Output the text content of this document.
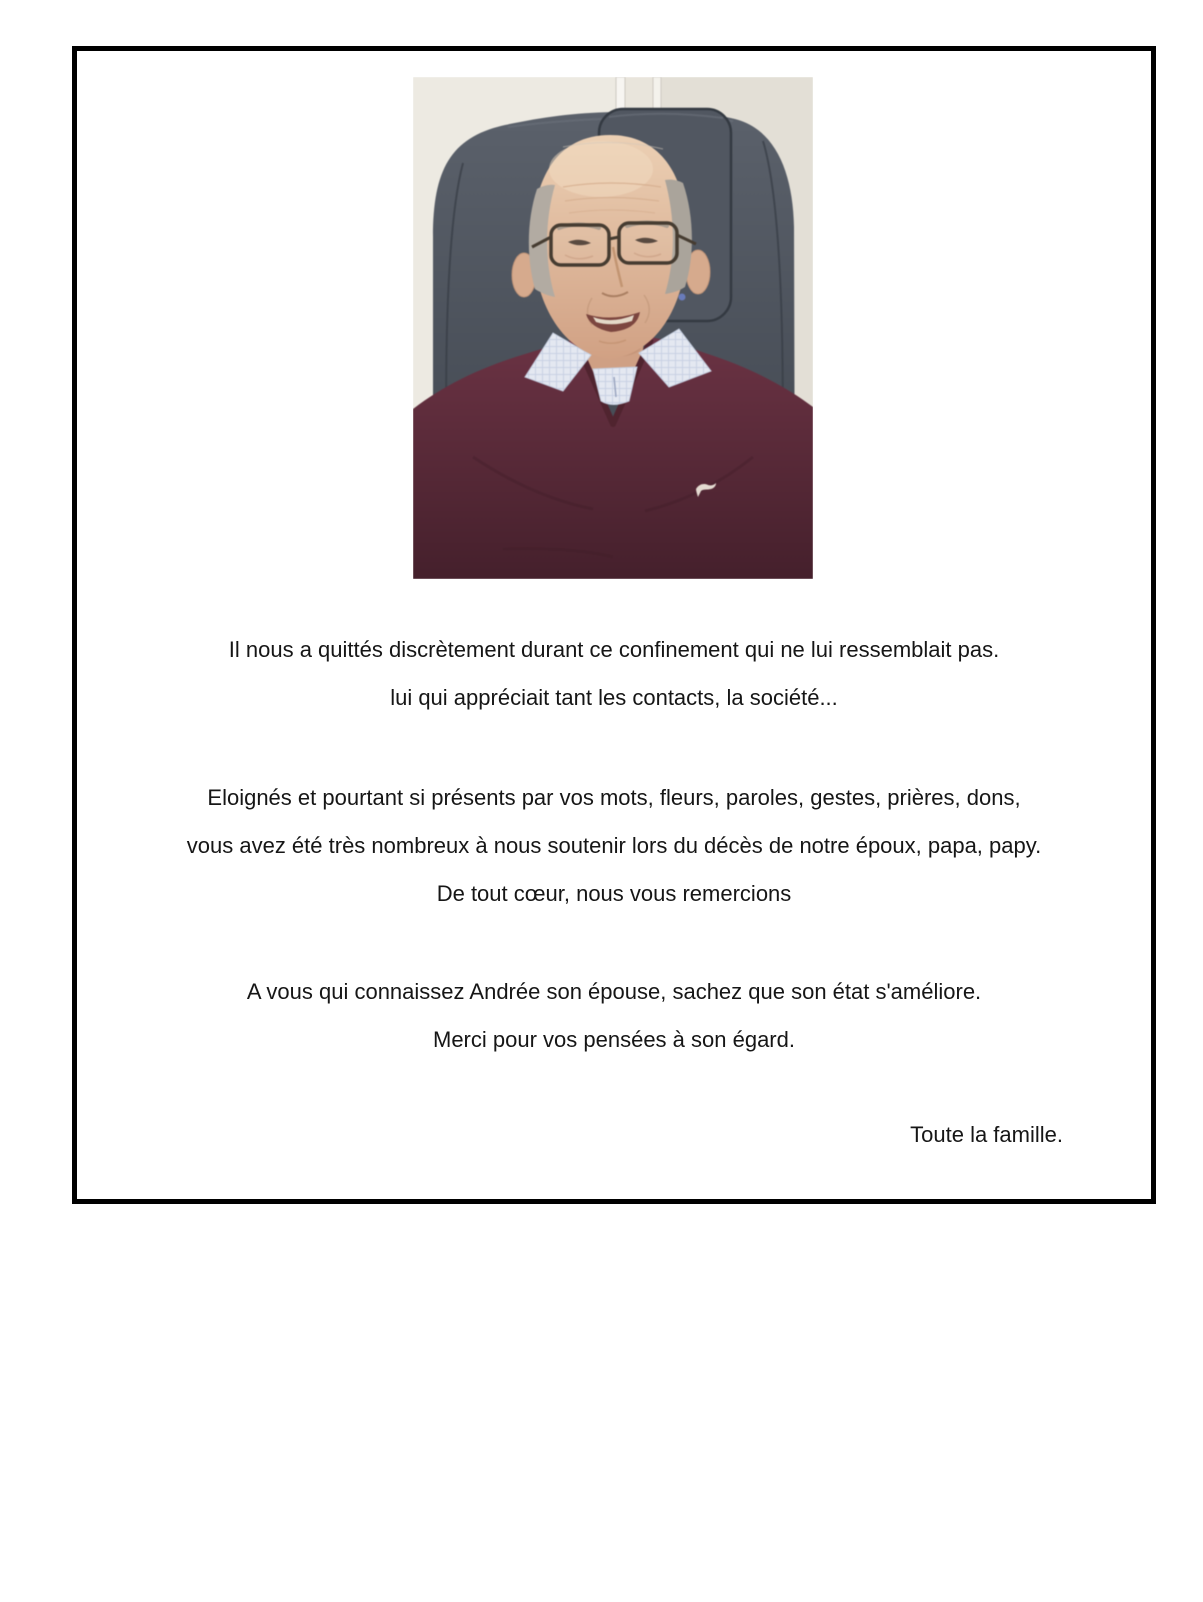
Il nous a quittés discrètement durant ce confinement qui ne lui ressemblait pas.
lui qui appréciait tant les contacts, la société...

Eloignés et pourtant si présents par vos mots, fleurs, paroles, gestes, prières, dons,
vous avez été très nombreux à nous soutenir lors du décès de notre époux, papa, papy.
De tout cœur, nous vous remercions

A vous qui connaissez Andrée son épouse, sachez que son état s'améliore.
Merci pour vos pensées à son égard.

Toute la famille.
